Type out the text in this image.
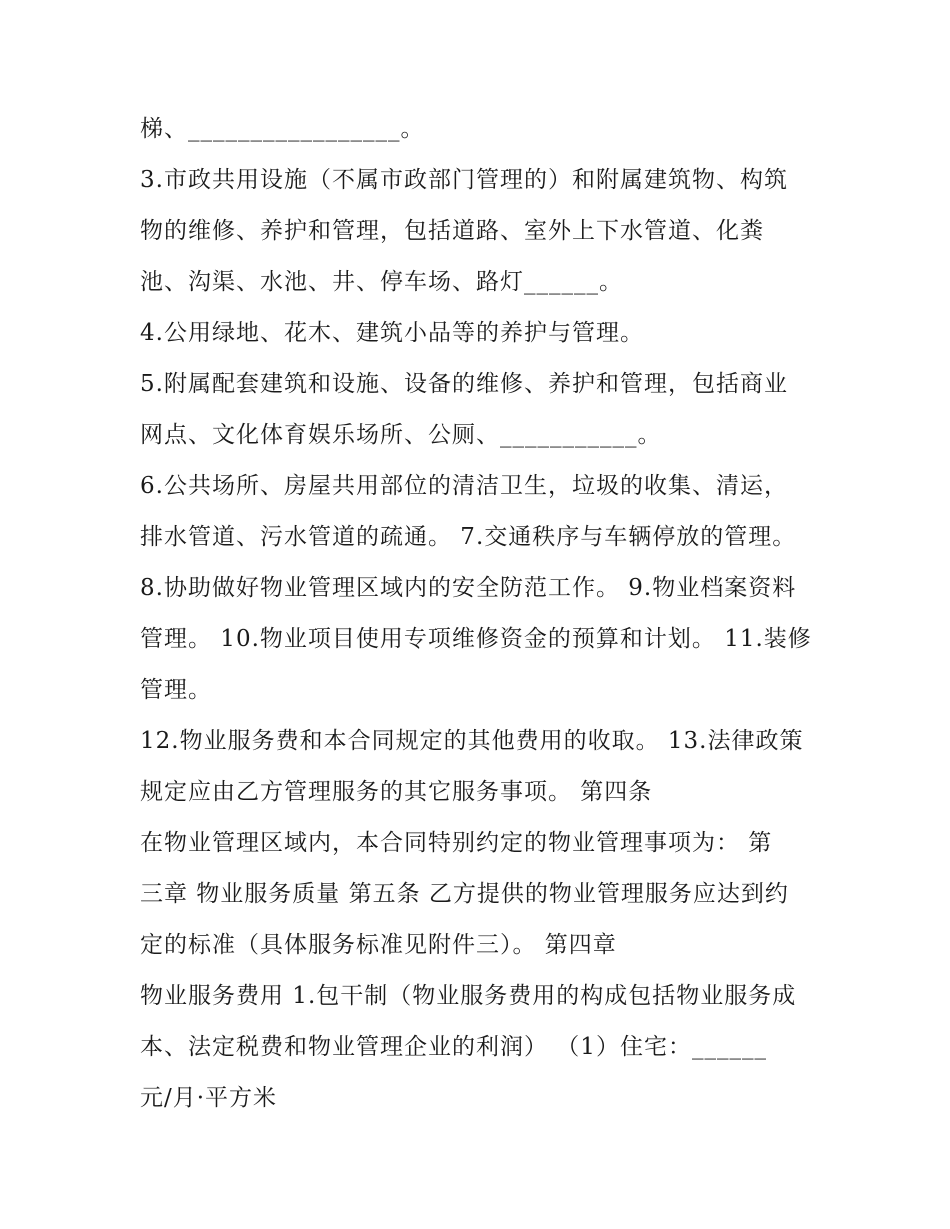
梯、_________________。
3.市政共用设施（不属市政部门管理的）和附属建筑物、构筑
物的维修、养护和管理，包括道路、室外上下水管道、化粪
池、沟渠、水池、井、停车场、路灯______。
4.公用绿地、花木、建筑小品等的养护与管理。
5.附属配套建筑和设施、设备的维修、养护和管理，包括商业
网点、文化体育娱乐场所、公厕、___________。
6.公共场所、房屋共用部位的清洁卫生，垃圾的收集、清运，
排水管道、污水管道的疏通。 7.交通秩序与车辆停放的管理。
8.协助做好物业管理区域内的安全防范工作。 9.物业档案资料
管理。 10.物业项目使用专项维修资金的预算和计划。 11.装修
管理。
12.物业服务费和本合同规定的其他费用的收取。 13.法律政策
规定应由乙方管理服务的其它服务事项。 第四条
在物业管理区域内，本合同特别约定的物业管理事项为： 第
三章 物业服务质量 第五条 乙方提供的物业管理服务应达到约
定的标准（具体服务标准见附件三）。 第四章
物业服务费用 1.包干制（物业服务费用的构成包括物业服务成
本、法定税费和物业管理企业的利润） （1）住宅：______
元/月·平方米
